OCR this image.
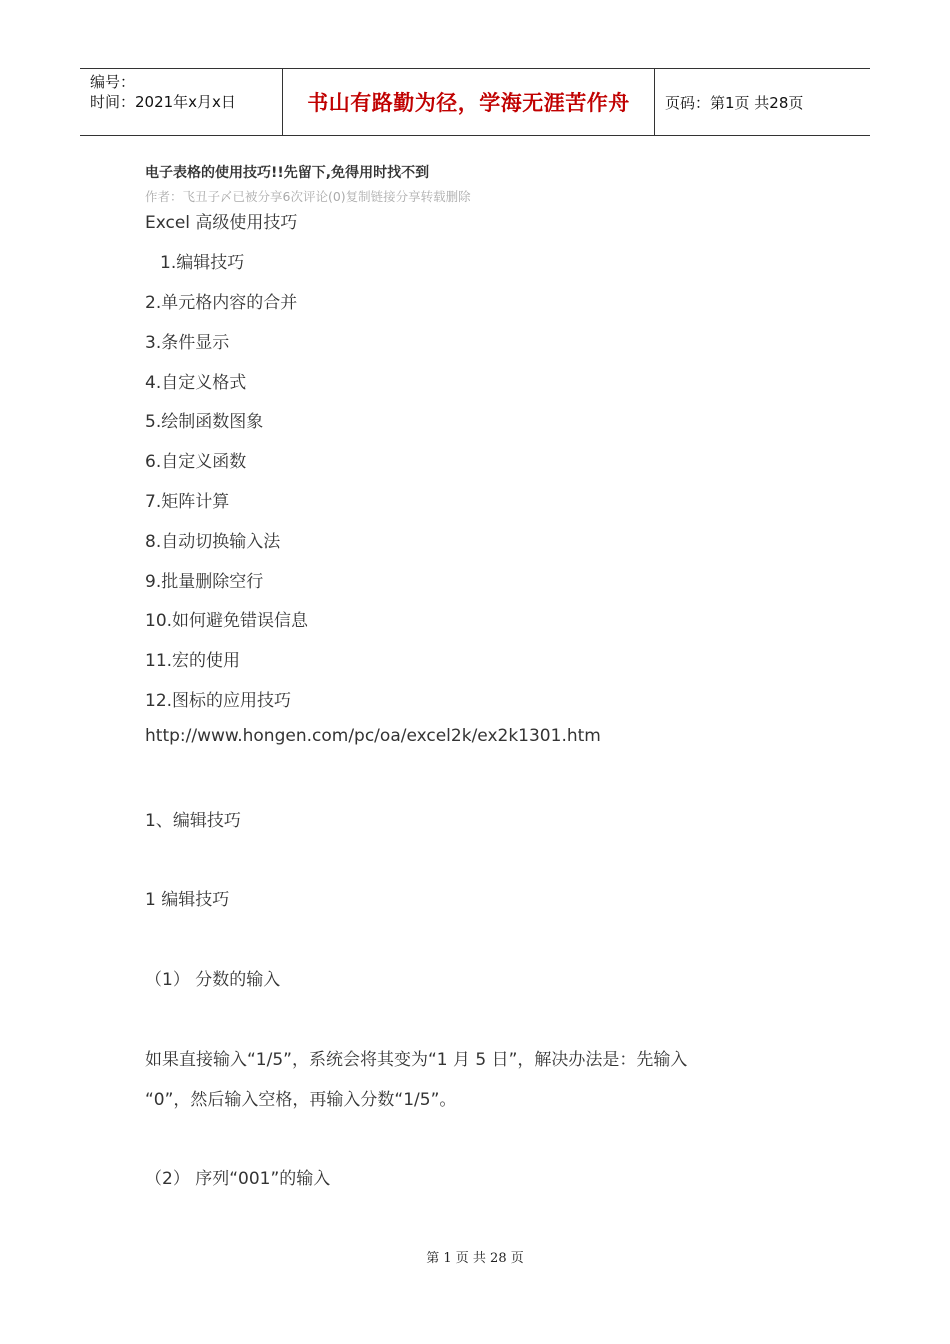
编号：
时间：2021年x月x日	书山有路勤为径，学海无涯苦作舟 页码：第1页 共28页
电子表格的使用技巧!!先留下,免得用时找不到
作者：飞丑子〆已被分享6次评论(0)复制链接分享转载删除
Excel 高级使用技巧
1.编辑技巧
2.单元格内容的合并
3.条件显示
4.自定义格式
5.绘制函数图象
6.自定义函数
7.矩阵计算
8.自动切换输入法
9.批量删除空行
10.如何避免错误信息
11.宏的使用
12.图标的应用技巧
http://www.hongen.com/pc/oa/excel2k/ex2k1301.htm
1、编辑技巧
1 编辑技巧
（1） 分数的输入
如果直接输入“1/5”，系统会将其变为“1 月 5 日”，解决办法是：先输入
“0”，然后输入空格，再输入分数“1/5”。
（2） 序列“001”的输入
第 1 页 共 28 页
